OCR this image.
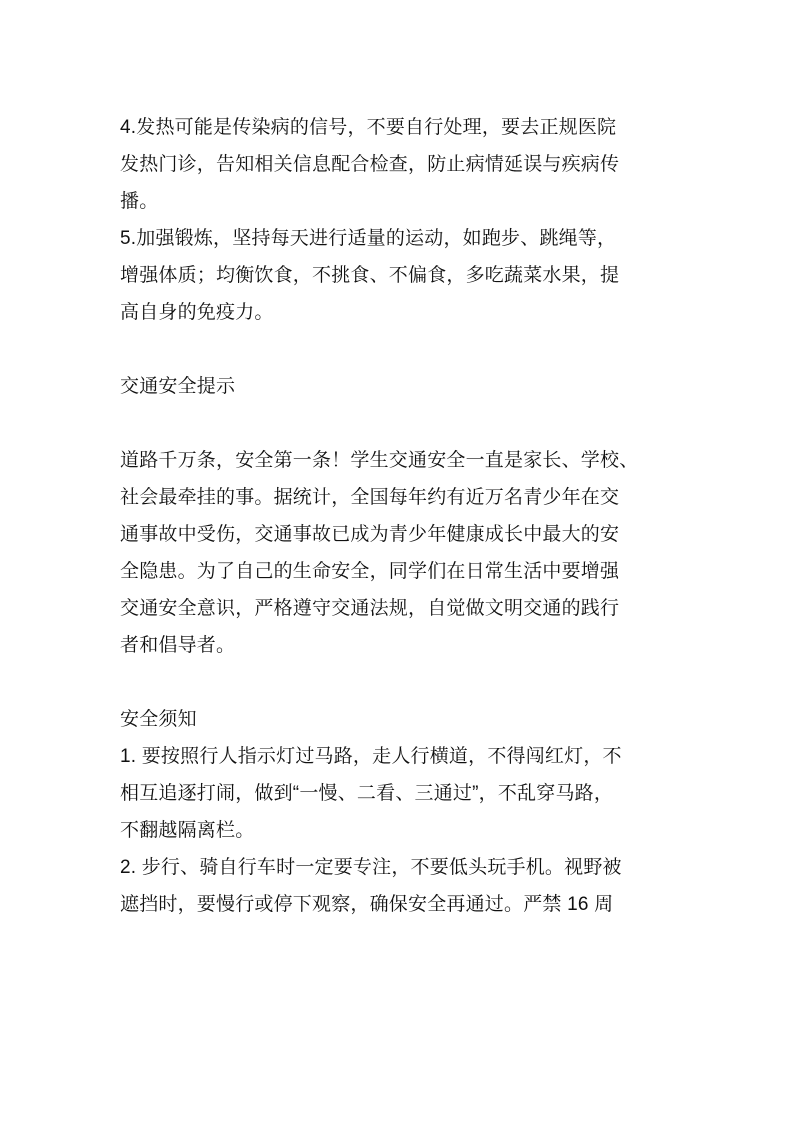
4.发热可能是传染病的信号，不要自行处理，要去正规医院
发热门诊，告知相关信息配合检查，防止病情延误与疾病传
播。
5.加强锻炼，坚持每天进行适量的运动，如跑步、跳绳等，
增强体质；均衡饮食，不挑食、不偏食，多吃蔬菜水果，提
高自身的免疫力。
交通安全提示
道路千万条，安全第一条！学生交通安全一直是家长、学校、
社会最牵挂的事。据统计，全国每年约有近万名青少年在交
通事故中受伤，交通事故已成为青少年健康成长中最大的安
全隐患。为了自己的生命安全，同学们在日常生活中要增强
交通安全意识，严格遵守交通法规，自觉做文明交通的践行
者和倡导者。
安全须知
1. 要按照行人指示灯过马路，走人行横道，不得闯红灯，不
相互追逐打闹，做到“一慢、二看、三通过”，不乱穿马路，
不翻越隔离栏。
2. 步行、骑自行车时一定要专注，不要低头玩手机。视野被
遮挡时，要慢行或停下观察，确保安全再通过。严禁 16 周
